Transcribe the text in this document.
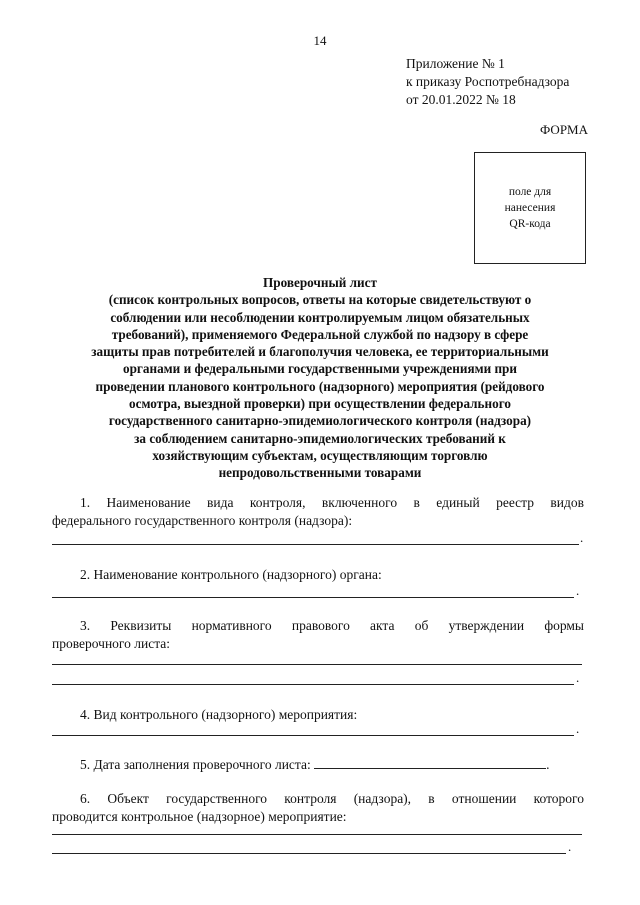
14
Приложение № 1
к приказу Роспотребнадзора
от 20.01.2022 № 18
ФОРМА
поле для
нанесения
QR-кода
Проверочный лист
(список контрольных вопросов, ответы на которые свидетельствуют о
соблюдении или несоблюдении контролируемым лицом обязательных
требований), применяемого Федеральной службой по надзору в сфере
защиты прав потребителей и благополучия человека, ее территориальными
органами и федеральными государственными учреждениями при
проведении планового контрольного (надзорного) мероприятия (рейдового
осмотра, выездной проверки) при осуществлении федерального
государственного санитарно-эпидемиологического контроля (надзора)
за соблюдением санитарно-эпидемиологических требований к
хозяйствующим субъектам, осуществляющим торговлю
непродовольственными товарами

1. Наименование вида контроля, включенного в единый реестр видов

федерального государственного контроля (надзора):

.

2. Наименование контрольного (надзорного) органа:

.

3. Реквизиты нормативного правового акта об утверждении формы

проверочного листа:

.

4. Вид контрольного (надзорного) мероприятия:

.

5. Дата заполнения проверочного листа:	.

6. Объект государственного контроля (надзора), в отношении которого

проводится контрольное (надзорное) мероприятие:

.
